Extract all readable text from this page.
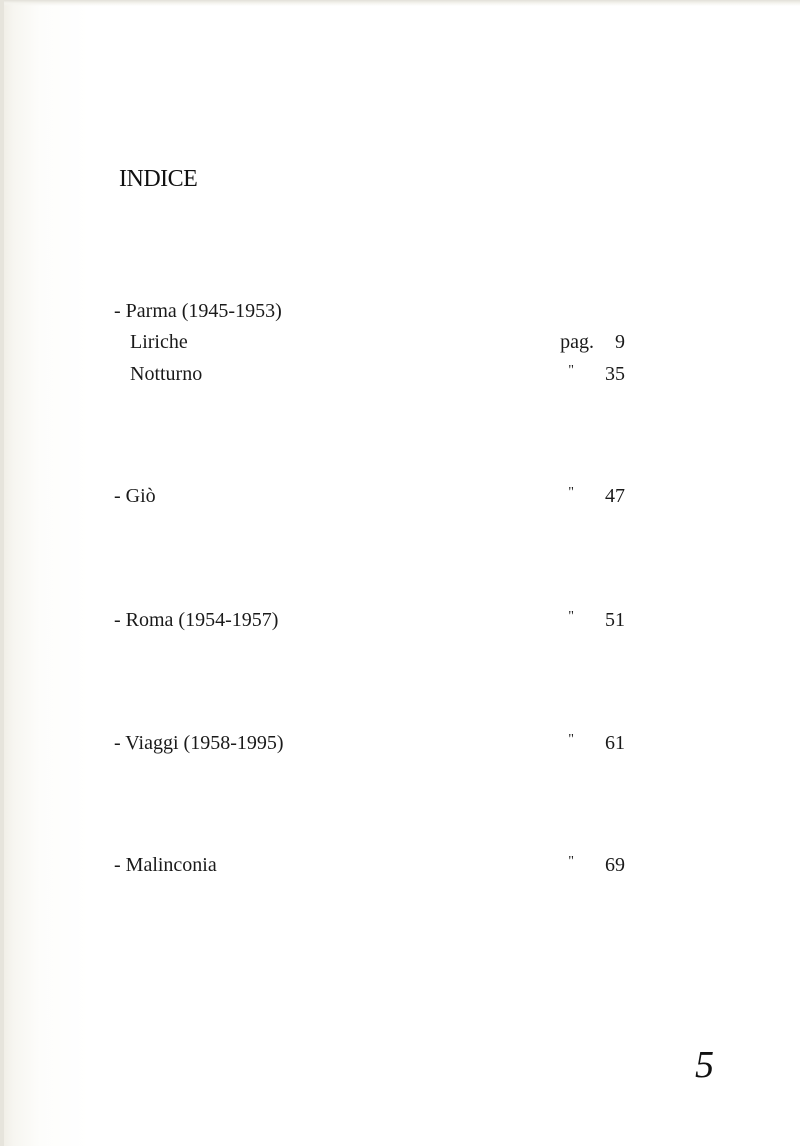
INDICE
- Parma (1945-1953)
Liriche	pag.	9
Notturno	"	35
- Giò	"	47
- Roma (1954-1957)	"	51
- Viaggi (1958-1995)	"	61
- Malinconia	"	69
5
